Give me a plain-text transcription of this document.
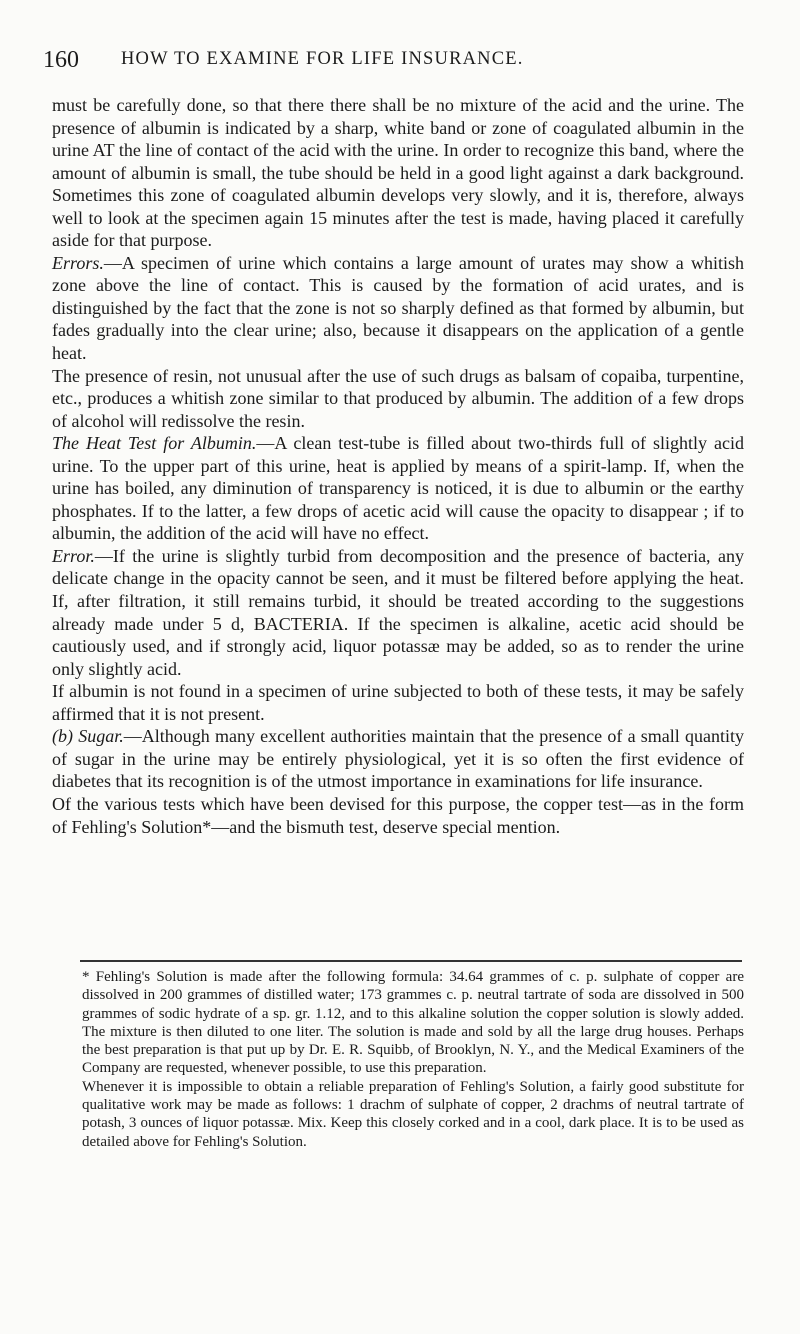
160 HOW TO EXAMINE FOR LIFE INSURANCE.

must be carefully done, so that there there shall be no mixture of the acid and the urine. The presence of albumin is indicated by a sharp, white band or zone of coagulated albumin in the urine AT the line of contact of the acid with the urine. In order to recognize this band, where the amount of albumin is small, the tube should be held in a good light against a dark background. Sometimes this zone of coagulated albumin develops very slowly, and it is, therefore, always well to look at the specimen again 15 minutes after the test is made, having placed it carefully aside for that purpose.

Errors.—A specimen of urine which contains a large amount of urates may show a whitish zone above the line of contact. This is caused by the formation of acid urates, and is distinguished by the fact that the zone is not so sharply defined as that formed by albumin, but fades gradually into the clear urine; also, because it disappears on the application of a gentle heat.

The presence of resin, not unusual after the use of such drugs as balsam of copaiba, turpentine, etc., produces a whitish zone similar to that produced by albumin. The addition of a few drops of alcohol will redissolve the resin.

The Heat Test for Albumin.—A clean test-tube is filled about two-thirds full of slightly acid urine. To the upper part of this urine, heat is applied by means of a spirit-lamp. If, when the urine has boiled, any diminution of transparency is noticed, it is due to albumin or the earthy phosphates. If to the latter, a few drops of acetic acid will cause the opacity to disappear ; if to albumin, the addition of the acid will have no effect.

Error.—If the urine is slightly turbid from decomposition and the presence of bacteria, any delicate change in the opacity cannot be seen, and it must be filtered before applying the heat. If, after filtration, it still remains turbid, it should be treated according to the suggestions already made under 5 d, BACTERIA. If the specimen is alkaline, acetic acid should be cautiously used, and if strongly acid, liquor potassæ may be added, so as to render the urine only slightly acid.

If albumin is not found in a specimen of urine subjected to both of these tests, it may be safely affirmed that it is not present.

(b) Sugar.—Although many excellent authorities maintain that the presence of a small quantity of sugar in the urine may be entirely physiological, yet it is so often the first evidence of diabetes that its recognition is of the utmost importance in examinations for life insurance.

Of the various tests which have been devised for this purpose, the copper test—as in the form of Fehling's Solution*—and the bismuth test, deserve special mention.

* Fehling's Solution is made after the following formula: 34.64 grammes of c. p. sulphate of copper are dissolved in 200 grammes of distilled water; 173 grammes c. p. neutral tartrate of soda are dissolved in 500 grammes of sodic hydrate of a sp. gr. 1.12, and to this alkaline solution the copper solution is slowly added. The mixture is then diluted to one liter. The solution is made and sold by all the large drug houses. Perhaps the best preparation is that put up by Dr. E. R. Squibb, of Brooklyn, N. Y., and the Medical Examiners of the Company are requested, whenever possible, to use this preparation.

Whenever it is impossible to obtain a reliable preparation of Fehling's Solution, a fairly good substitute for qualitative work may be made as follows: 1 drachm of sulphate of copper, 2 drachms of neutral tartrate of potash, 3 ounces of liquor potassæ. Mix. Keep this closely corked and in a cool, dark place. It is to be used as detailed above for Fehling's Solution.
